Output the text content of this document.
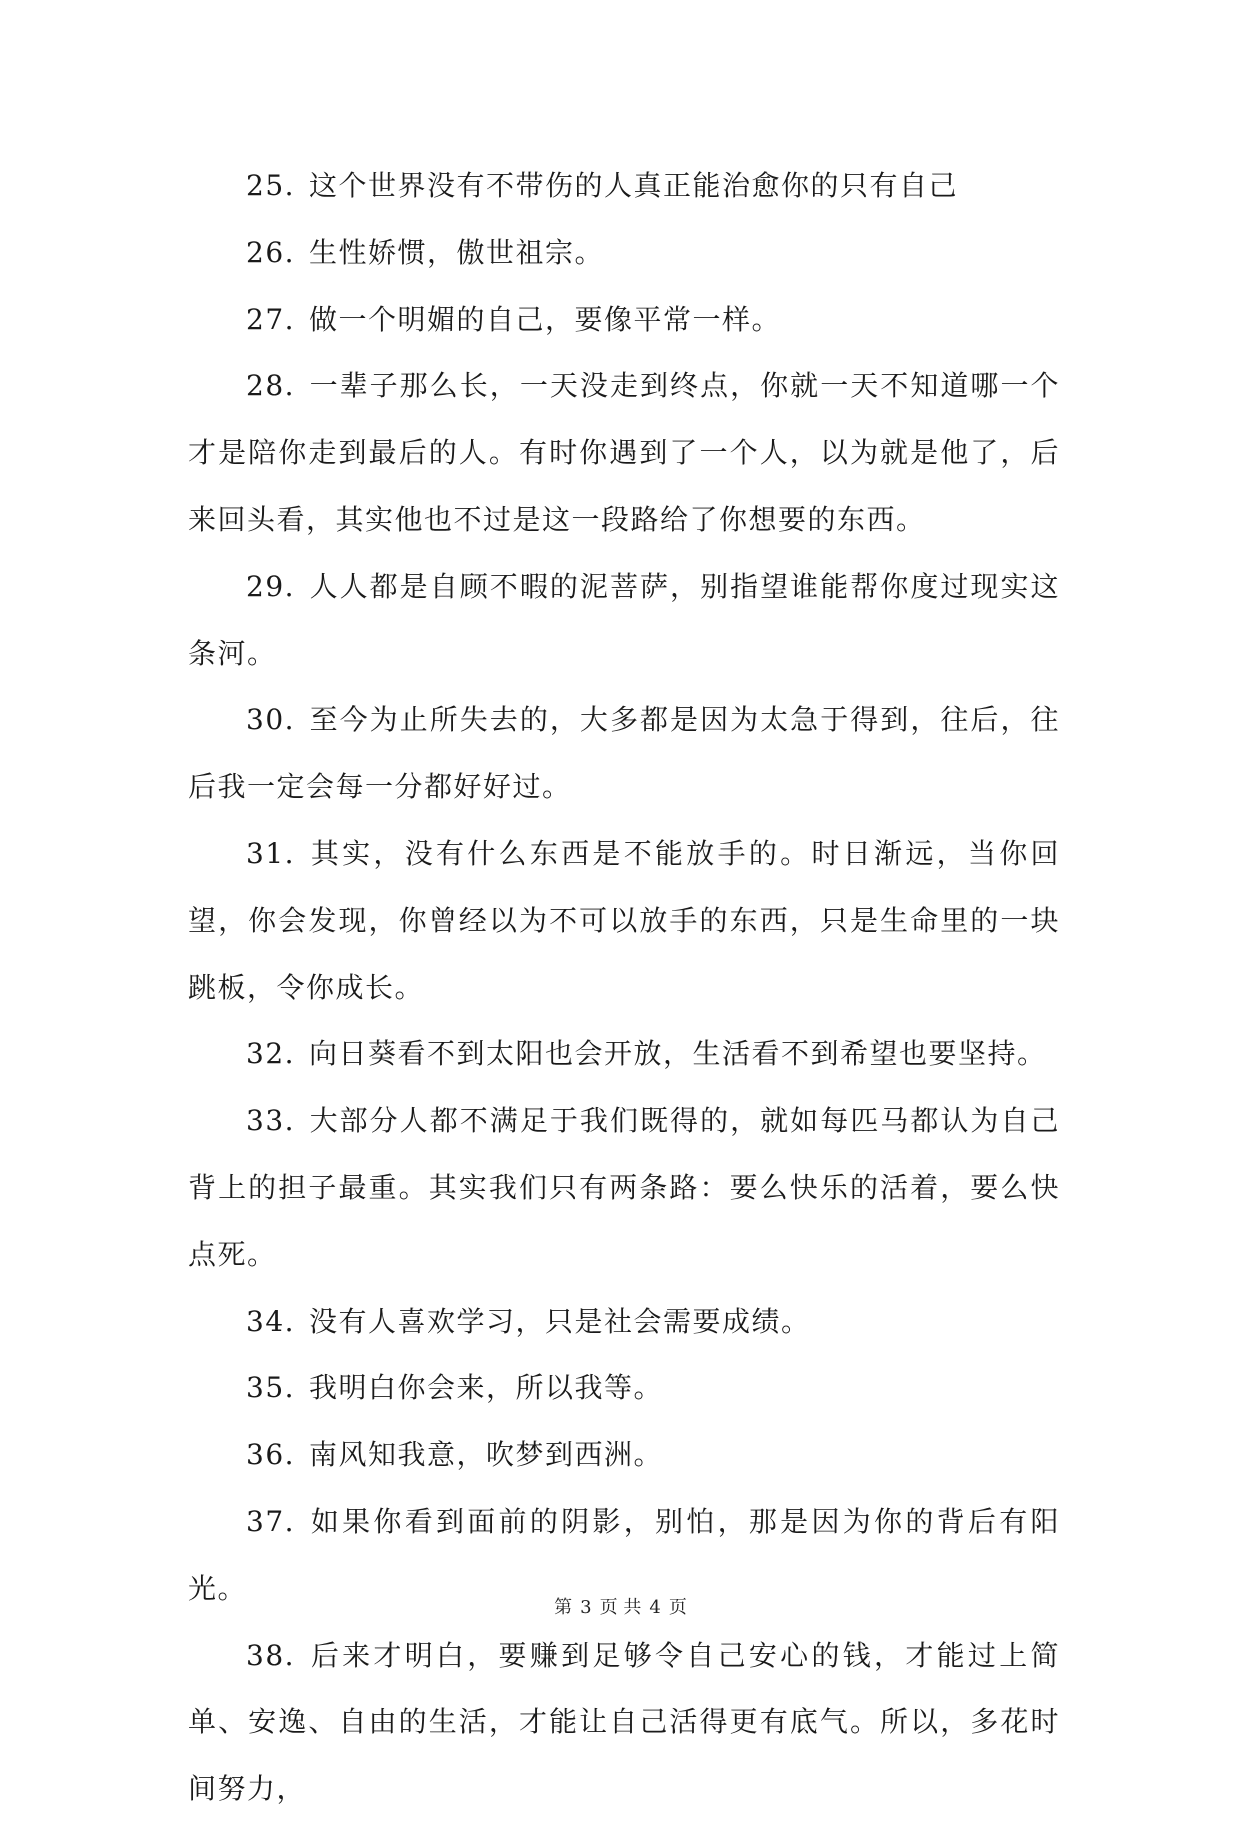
25. 这个世界没有不带伤的人真正能治愈你的只有自己

26. 生性娇惯，傲世祖宗。

27. 做一个明媚的自己，要像平常一样。

28. 一辈子那么长，一天没走到终点，你就一天不知道哪一个才是陪你走到最后的人。有时你遇到了一个人，以为就是他了，后来回头看，其实他也不过是这一段路给了你想要的东西。

29. 人人都是自顾不暇的泥菩萨，别指望谁能帮你度过现实这条河。

30. 至今为止所失去的，大多都是因为太急于得到，往后，往后我一定会每一分都好好过。

31. 其实，没有什么东西是不能放手的。时日渐远，当你回望，你会发现，你曾经以为不可以放手的东西，只是生命里的一块跳板，令你成长。

32. 向日葵看不到太阳也会开放，生活看不到希望也要坚持。

33. 大部分人都不满足于我们既得的，就如每匹马都认为自己背上的担子最重。其实我们只有两条路：要么快乐的活着，要么快点死。

34. 没有人喜欢学习，只是社会需要成绩。

35. 我明白你会来，所以我等。

36. 南风知我意，吹梦到西洲。

37. 如果你看到面前的阴影，别怕，那是因为你的背后有阳光。

38. 后来才明白，要赚到足够令自己安心的钱，才能过上简单、安逸、自由的生活，才能让自己活得更有底气。所以，多花时间努力，

第 3 页 共 4 页
